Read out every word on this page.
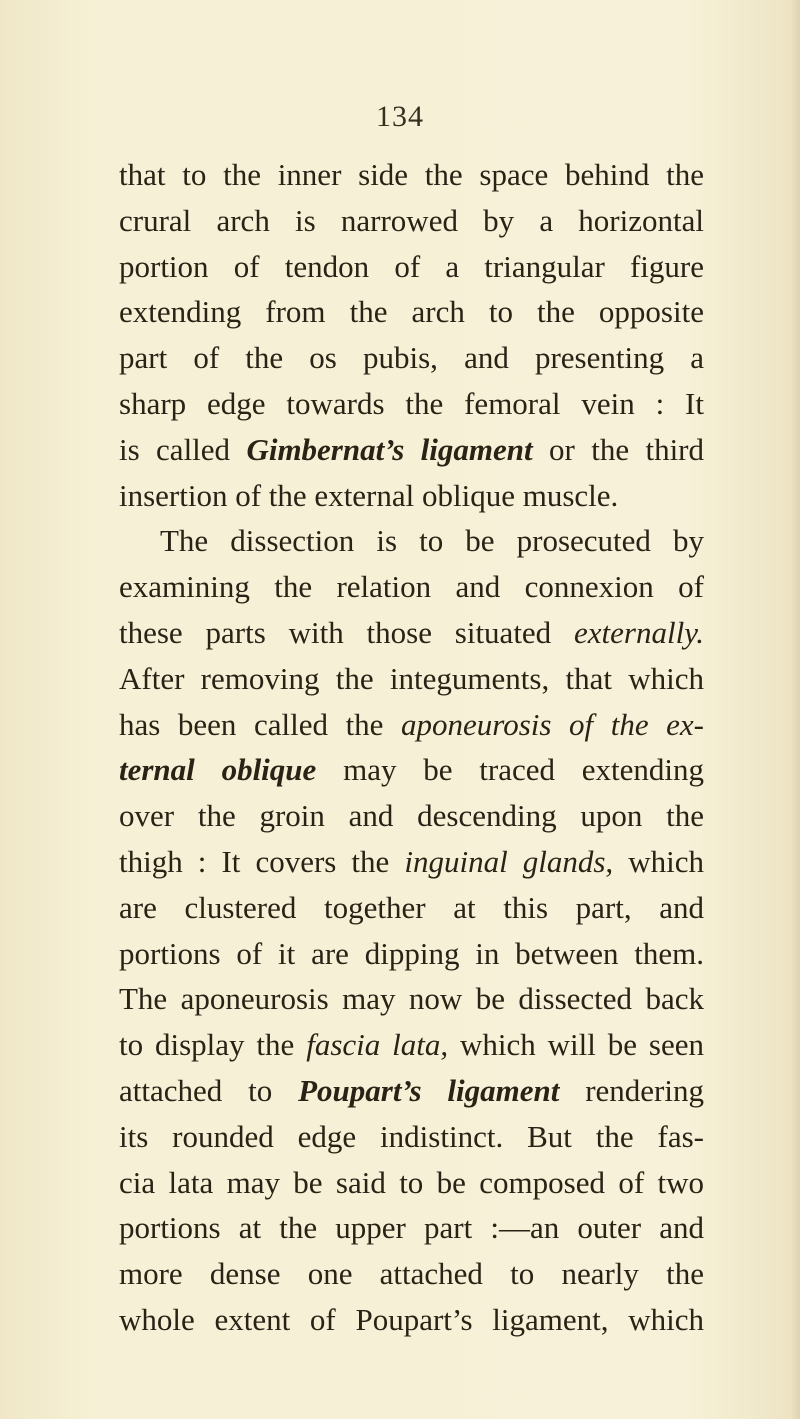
134
that to the inner side the space behind the
crural arch is narrowed by a horizontal
portion of tendon of a triangular figure
extending from the arch to the opposite
part of the os pubis, and presenting a
sharp edge towards the femoral vein : It
is called Gimbernat’s ligament or the third
insertion of the external oblique muscle.
The dissection is to be prosecuted by
examining the relation and connexion of
these parts with those situated externally.
After removing the integuments, that which
has been called the aponeurosis of the ex-
ternal oblique may be traced extending
over the groin and descending upon the
thigh : It covers the inguinal glands, which
are clustered together at this part, and
portions of it are dipping in between them.
The aponeurosis may now be dissected back
to display the fascia lata, which will be seen
attached to Poupart’s ligament rendering
its rounded edge indistinct. But the fas-
cia lata may be said to be composed of two
portions at the upper part :—an outer and
more dense one attached to nearly the
whole extent of Poupart’s ligament, which
